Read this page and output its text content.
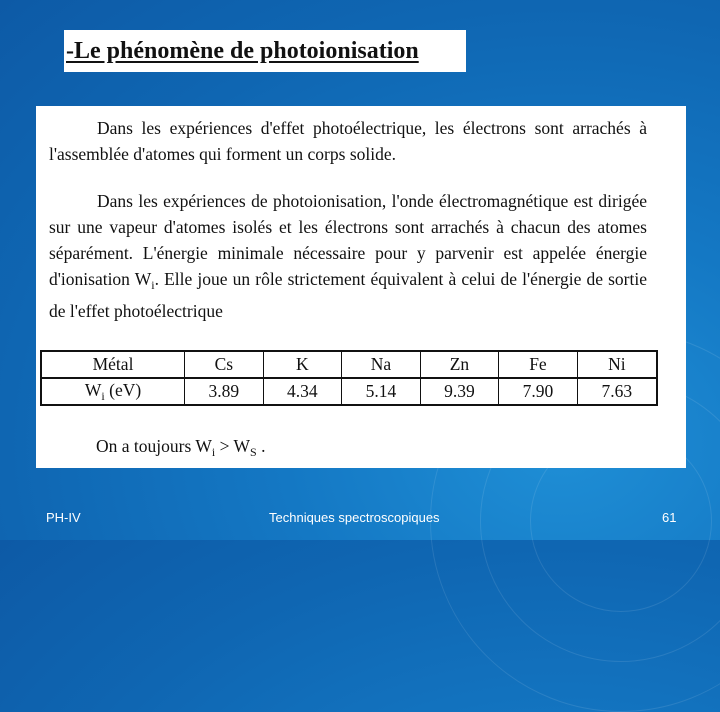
-Le phénomène de photoionisation

Dans les expériences d'effet photoélectrique, les électrons sont arrachés à l'assemblée d'atomes qui forment un corps solide.

Dans les expériences de photoionisation, l'onde électromagnétique est dirigée sur une vapeur d'atomes isolés et les électrons sont arrachés à chacun des atomes séparément. L'énergie minimale nécessaire pour y parvenir est appelée énergie d'ionisation $W_i$. Elle joue un rôle strictement équivalent à celui de l'énergie de sortie de l'effet photoélectrique

Métal	Cs	K	Na	Zn	Fe	Ni
$W_i$ (eV)	3.89	4.34	5.14	9.39	7.90	7.63
On a toujours $W_i > W_S$ .
PH-IV	Techniques spectroscopiques	61
